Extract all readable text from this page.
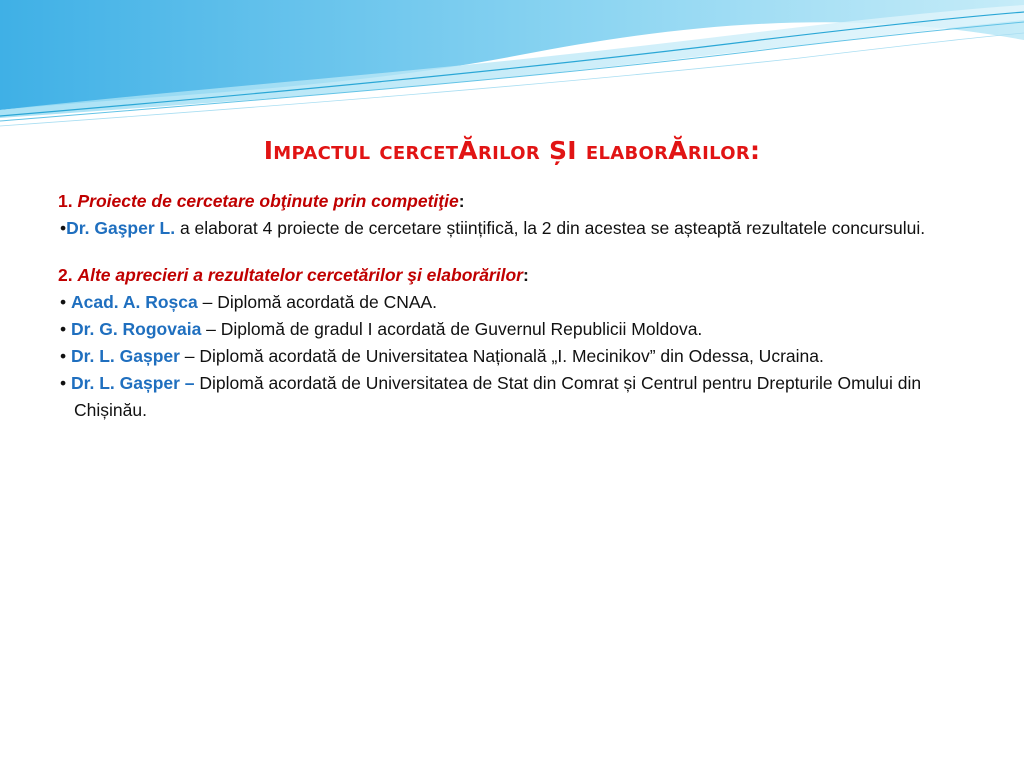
Impactul cercetĂrilor ȘI elaborĂrilor:
1. Proiecte de cercetare obţinute prin competiţie:
•Dr. Gaşper L. a elaborat 4 proiecte de cercetare științifică, la 2 din acestea se așteaptă rezultatele concursului.
2. Alte aprecieri a rezultatelor cercetărilor şi elaborărilor:
• Acad. A. Roșca – Diplomă acordată de CNAA.
• Dr. G. Rogovaia – Diplomă de gradul I acordată de Guvernul Republicii Moldova.
• Dr. L. Gașper – Diplomă acordată de Universitatea Națională „I. Mecinikov” din Odessa, Ucraina.
• Dr. L. Gașper – Diplomă acordată de Universitatea de Stat din Comrat și Centrul pentru Drepturile Omului din Chișinău.
